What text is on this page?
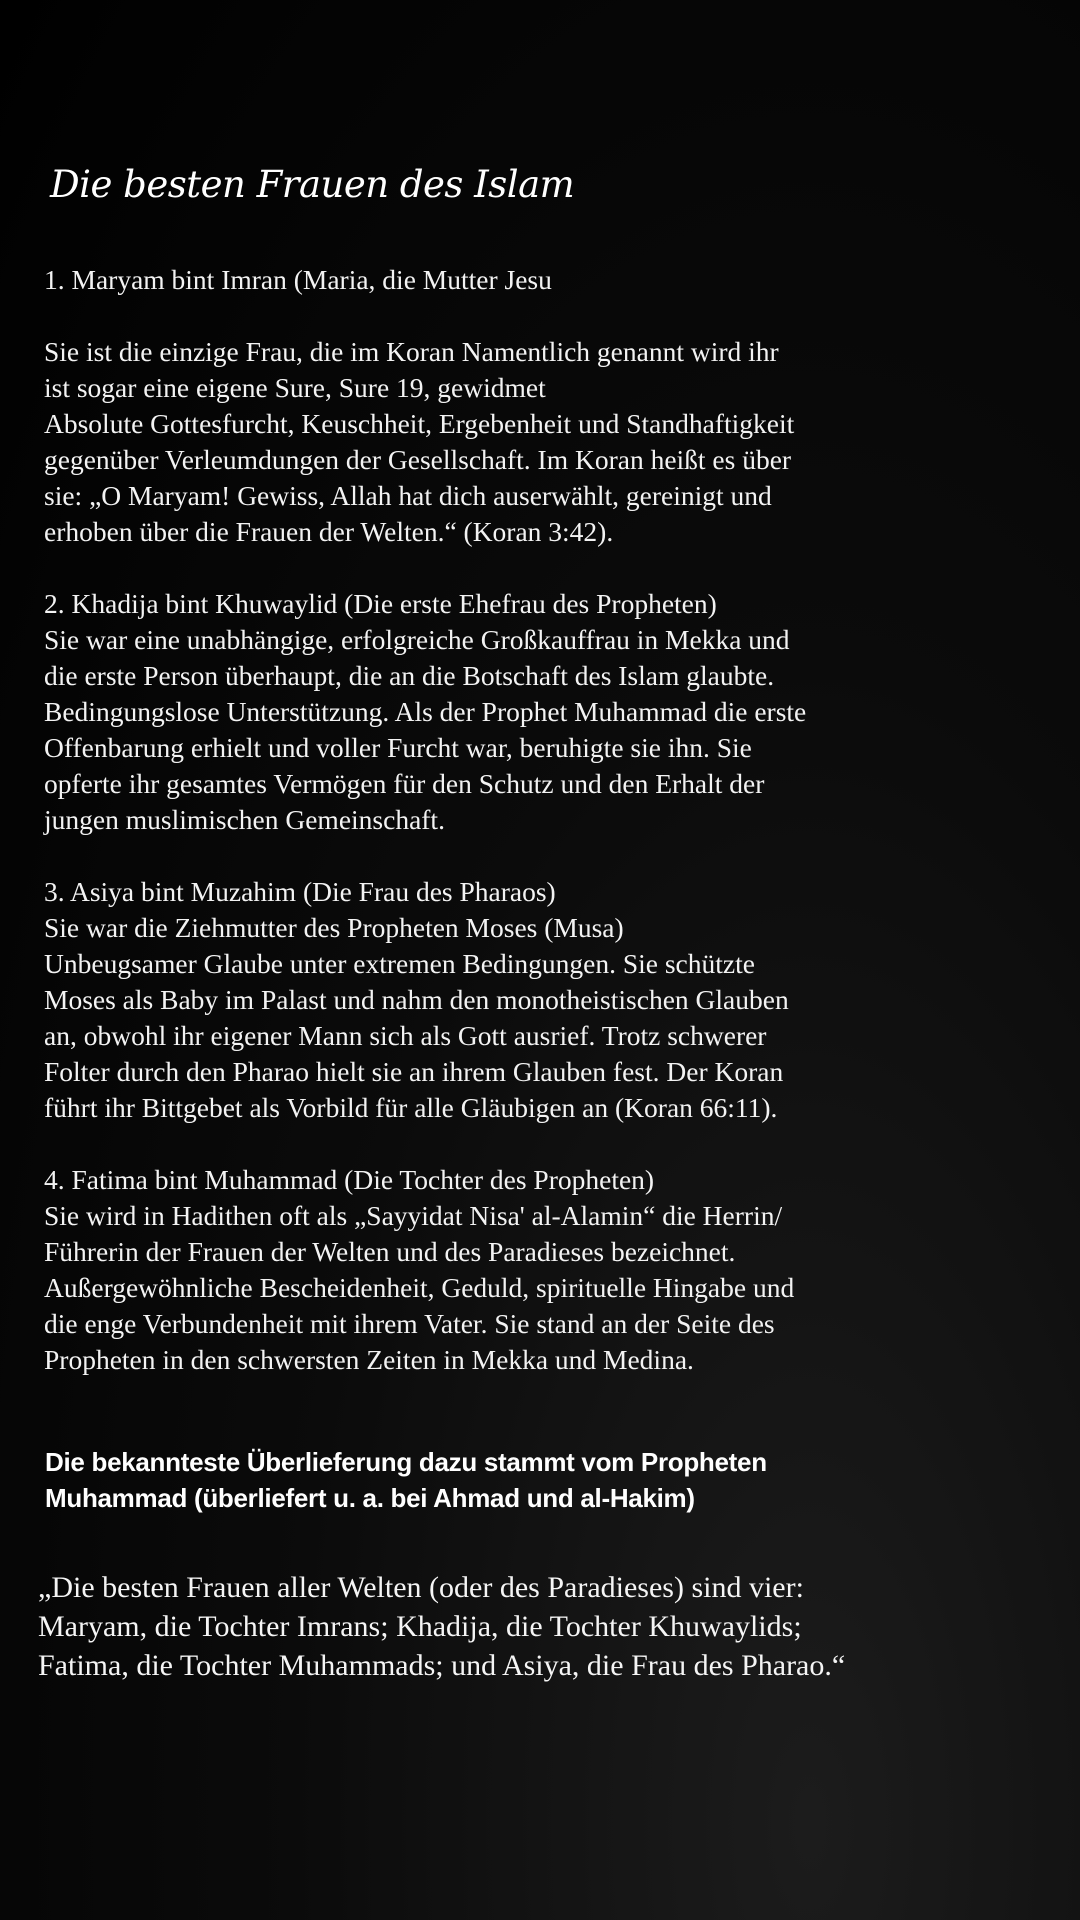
Die besten Frauen des Islam
1. Maryam bint Imran (Maria, die Mutter Jesu
Sie ist die einzige Frau, die im Koran Namentlich genannt wird ihr
ist sogar eine eigene Sure, Sure 19, gewidmet
Absolute Gottesfurcht, Keuschheit, Ergebenheit und Standhaftigkeit
gegenüber Verleumdungen der Gesellschaft. Im Koran heißt es über
sie: „O Maryam! Gewiss, Allah hat dich auserwählt, gereinigt und
erhoben über die Frauen der Welten.“ (Koran 3:42).
2. Khadija bint Khuwaylid (Die erste Ehefrau des Propheten)
Sie war eine unabhängige, erfolgreiche Großkauffrau in Mekka und
die erste Person überhaupt, die an die Botschaft des Islam glaubte.
Bedingungslose Unterstützung. Als der Prophet Muhammad die erste
Offenbarung erhielt und voller Furcht war, beruhigte sie ihn. Sie
opferte ihr gesamtes Vermögen für den Schutz und den Erhalt der
jungen muslimischen Gemeinschaft.
3. Asiya bint Muzahim (Die Frau des Pharaos)
Sie war die Ziehmutter des Propheten Moses (Musa)
Unbeugsamer Glaube unter extremen Bedingungen. Sie schützte
Moses als Baby im Palast und nahm den monotheistischen Glauben
an, obwohl ihr eigener Mann sich als Gott ausrief. Trotz schwerer
Folter durch den Pharao hielt sie an ihrem Glauben fest. Der Koran
führt ihr Bittgebet als Vorbild für alle Gläubigen an (Koran 66:11).
4. Fatima bint Muhammad (Die Tochter des Propheten)
Sie wird in Hadithen oft als „Sayyidat Nisa' al-Alamin“ die Herrin/
Führerin der Frauen der Welten und des Paradieses bezeichnet.
Außergewöhnliche Bescheidenheit, Geduld, spirituelle Hingabe und
die enge Verbundenheit mit ihrem Vater. Sie stand an der Seite des
Propheten in den schwersten Zeiten in Mekka und Medina.
Die bekannteste Überlieferung dazu stammt vom Propheten
Muhammad (überliefert u. a. bei Ahmad und al-Hakim)
„Die besten Frauen aller Welten (oder des Paradieses) sind vier:
Maryam, die Tochter Imrans; Khadija, die Tochter Khuwaylids;
Fatima, die Tochter Muhammads; und Asiya, die Frau des Pharao.“
